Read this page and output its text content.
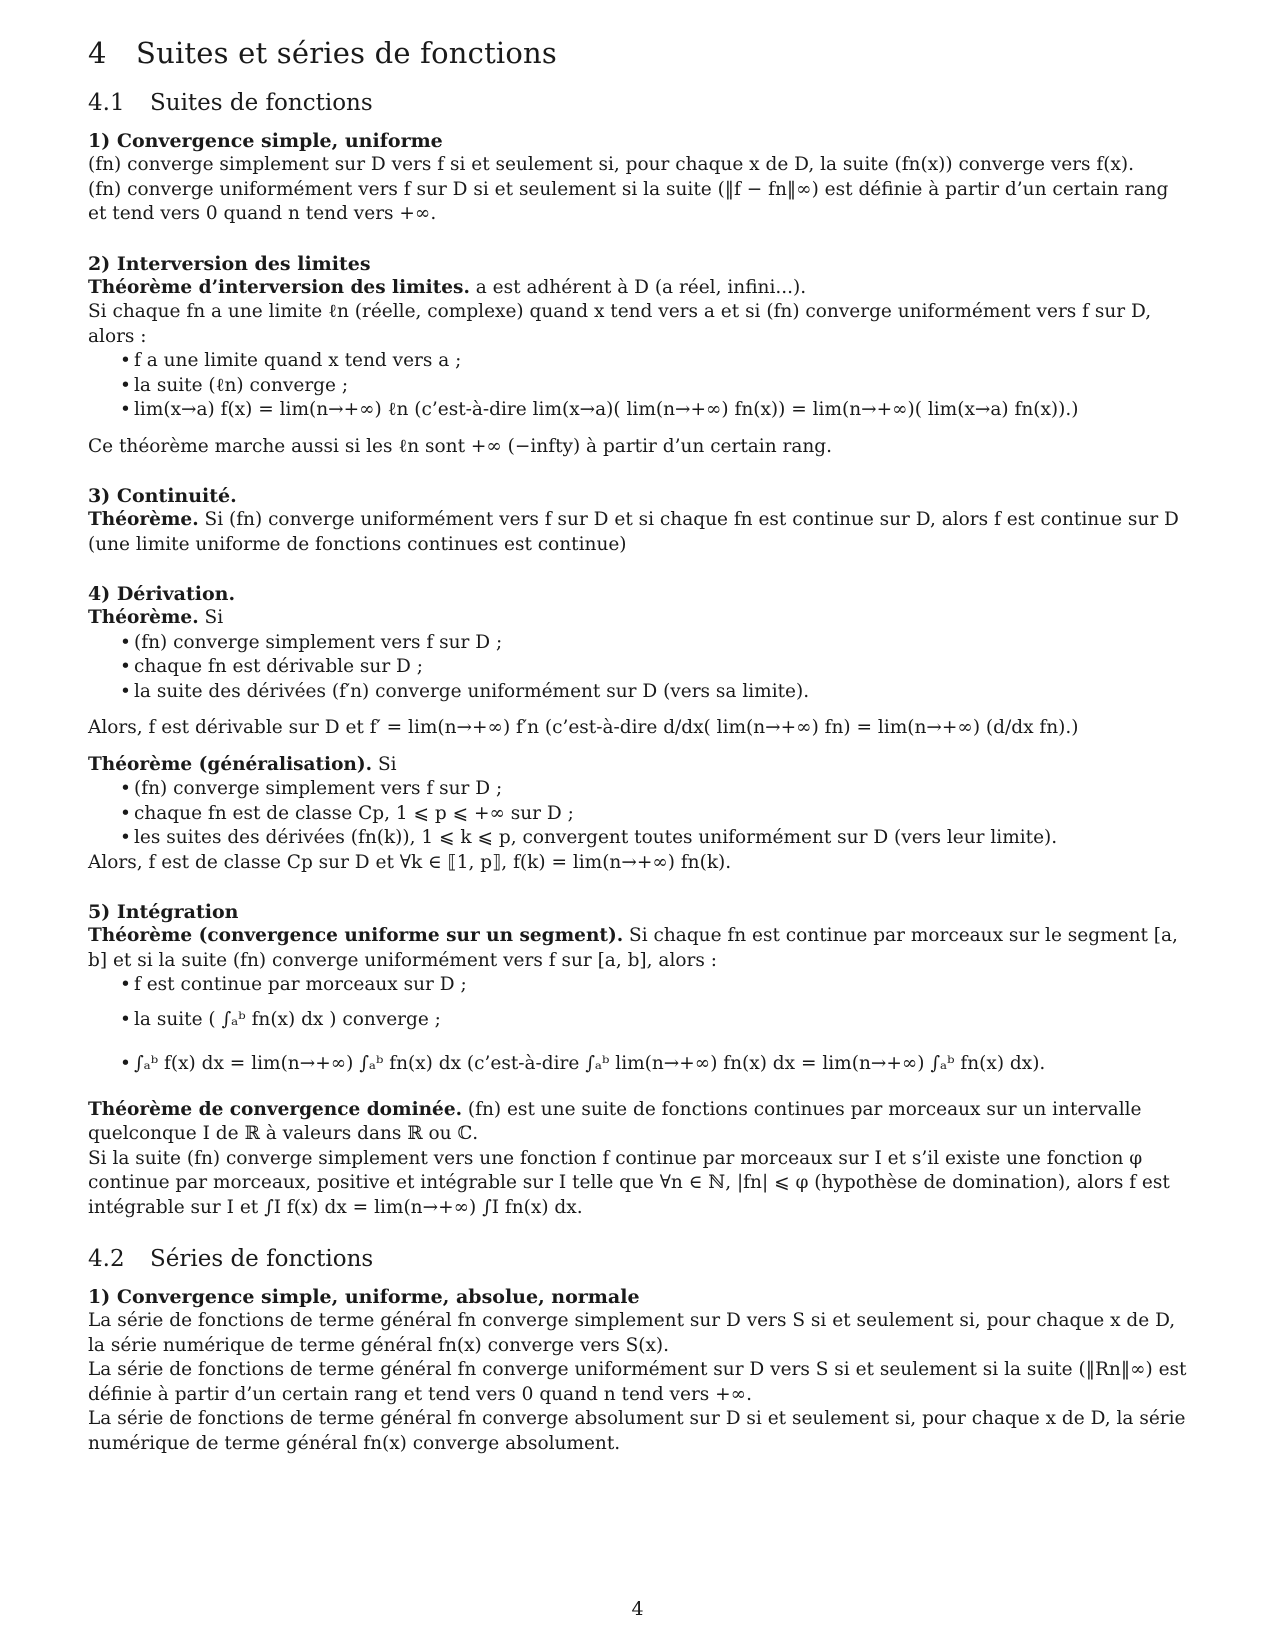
4 Suites et séries de fonctions
4.1 Suites de fonctions
1) Convergence simple, uniforme

(fn) converge simplement sur D vers f si et seulement si, pour chaque x de D, la suite (fn(x)) converge vers f(x).

(fn) converge uniformément vers f sur D si et seulement si la suite (‖f − fn‖∞) est définie à partir d’un certain rang et tend vers 0 quand n tend vers +∞.

2) Interversion des limites

Théorème d’interversion des limites. a est adhérent à D (a réel, infini...).

Si chaque fn a une limite ℓn (réelle, complexe) quand x tend vers a et si (fn) converge uniformément vers f sur D, alors :

• f a une limite quand x tend vers a ;
• la suite (ℓn) converge ;
• lim(x→a) f(x) = lim(n→+∞) ℓn (c’est-à-dire lim(x→a)( lim(n→+∞) fn(x)) = lim(n→+∞)( lim(x→a) fn(x)).)

Ce théorème marche aussi si les ℓn sont +∞ (−infty) à partir d’un certain rang.

3) Continuité.

Théorème. Si (fn) converge uniformément vers f sur D et si chaque fn est continue sur D, alors f est continue sur D (une limite uniforme de fonctions continues est continue)

4) Dérivation.

Théorème. Si

• (fn) converge simplement vers f sur D ;
• chaque fn est dérivable sur D ;
• la suite des dérivées (f′n) converge uniformément sur D (vers sa limite).

Alors, f est dérivable sur D et f′ = lim(n→+∞) f′n (c’est-à-dire d/dx( lim(n→+∞) fn) = lim(n→+∞) (d/dx fn).)

Théorème (généralisation). Si

• (fn) converge simplement vers f sur D ;
• chaque fn est de classe Cp, 1 ⩽ p ⩽ +∞ sur D ;
• les suites des dérivées (fn(k)), 1 ⩽ k ⩽ p, convergent toutes uniformément sur D (vers leur limite).

Alors, f est de classe Cp sur D et ∀k ∈ ⟦1, p⟧, f(k) = lim(n→+∞) fn(k).

5) Intégration

Théorème (convergence uniforme sur un segment). Si chaque fn est continue par morceaux sur le segment [a, b] et si la suite (fn) converge uniformément vers f sur [a, b], alors :

• f est continue par morceaux sur D ;
• la suite ( ∫ₐᵇ fn(x) dx ) converge ;
• ∫ₐᵇ f(x) dx = lim(n→+∞) ∫ₐᵇ fn(x) dx (c’est-à-dire ∫ₐᵇ lim(n→+∞) fn(x) dx = lim(n→+∞) ∫ₐᵇ fn(x) dx).

Théorème de convergence dominée. (fn) est une suite de fonctions continues par morceaux sur un intervalle quelconque I de ℝ à valeurs dans ℝ ou ℂ.

Si la suite (fn) converge simplement vers une fonction f continue par morceaux sur I et s’il existe une fonction φ continue par morceaux, positive et intégrable sur I telle que ∀n ∈ ℕ, |fn| ⩽ φ (hypothèse de domination), alors f est intégrable sur I et ∫I f(x) dx = lim(n→+∞) ∫I fn(x) dx.

4.2 Séries de fonctions
1) Convergence simple, uniforme, absolue, normale

La série de fonctions de terme général fn converge simplement sur D vers S si et seulement si, pour chaque x de D, la série numérique de terme général fn(x) converge vers S(x).

La série de fonctions de terme général fn converge uniformément sur D vers S si et seulement si la suite (‖Rn‖∞) est définie à partir d’un certain rang et tend vers 0 quand n tend vers +∞.

La série de fonctions de terme général fn converge absolument sur D si et seulement si, pour chaque x de D, la série numérique de terme général fn(x) converge absolument.

4
